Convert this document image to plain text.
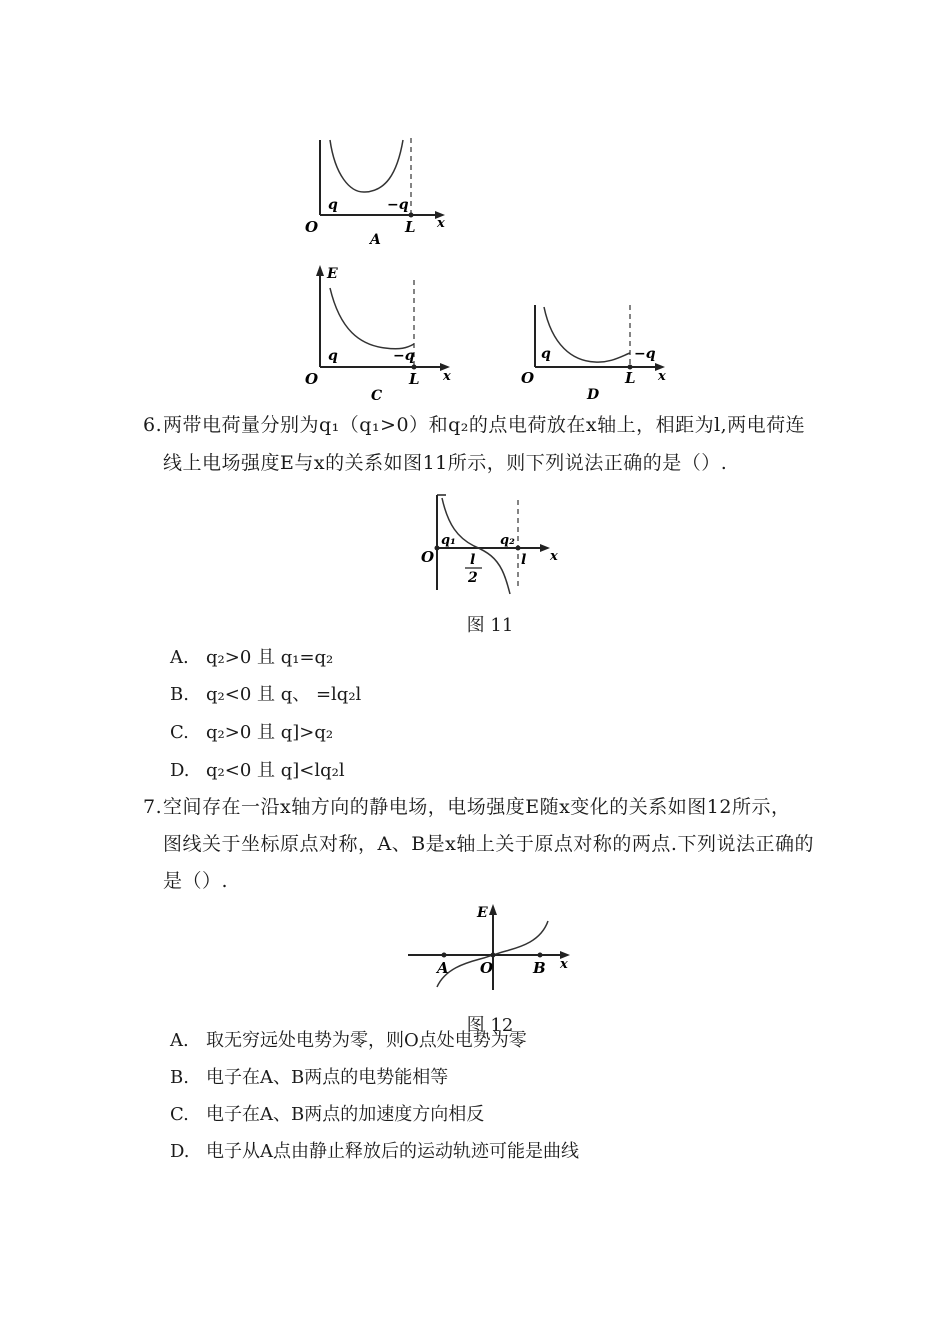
q	−q
O	L x
A
E
q	−q
O	L x
C
q	−q
O	L x
D
6. 两带电荷量分别为q₁（q₁>0）和q₂的点电荷放在x轴上，相距为l,两电荷连
线上电场强度E与x的关系如图11所示，则下列说法正确的是（）.
q₁	q₂
O	l
2
l x
图 11
A. q₂>0 且 q₁=q₂
B. q₂<0 且 q、 =lq₂l
C. q₂>0 且 q]>q₂
D. q₂<0 且 q]<lq₂l
7. 空间存在一沿x轴方向的静电场，电场强度E随x变化的关系如图12所示，
图线关于坐标原点对称，A、B是x轴上关于原点对称的两点.下列说法正确的
是（）.
E
A O	B x
图 12
A. 取无穷远处电势为零，则O点处电势为零
B. 电子在A、B两点的电势能相等
C. 电子在A、B两点的加速度方向相反
D. 电子从A点由静止释放后的运动轨迹可能是曲线
